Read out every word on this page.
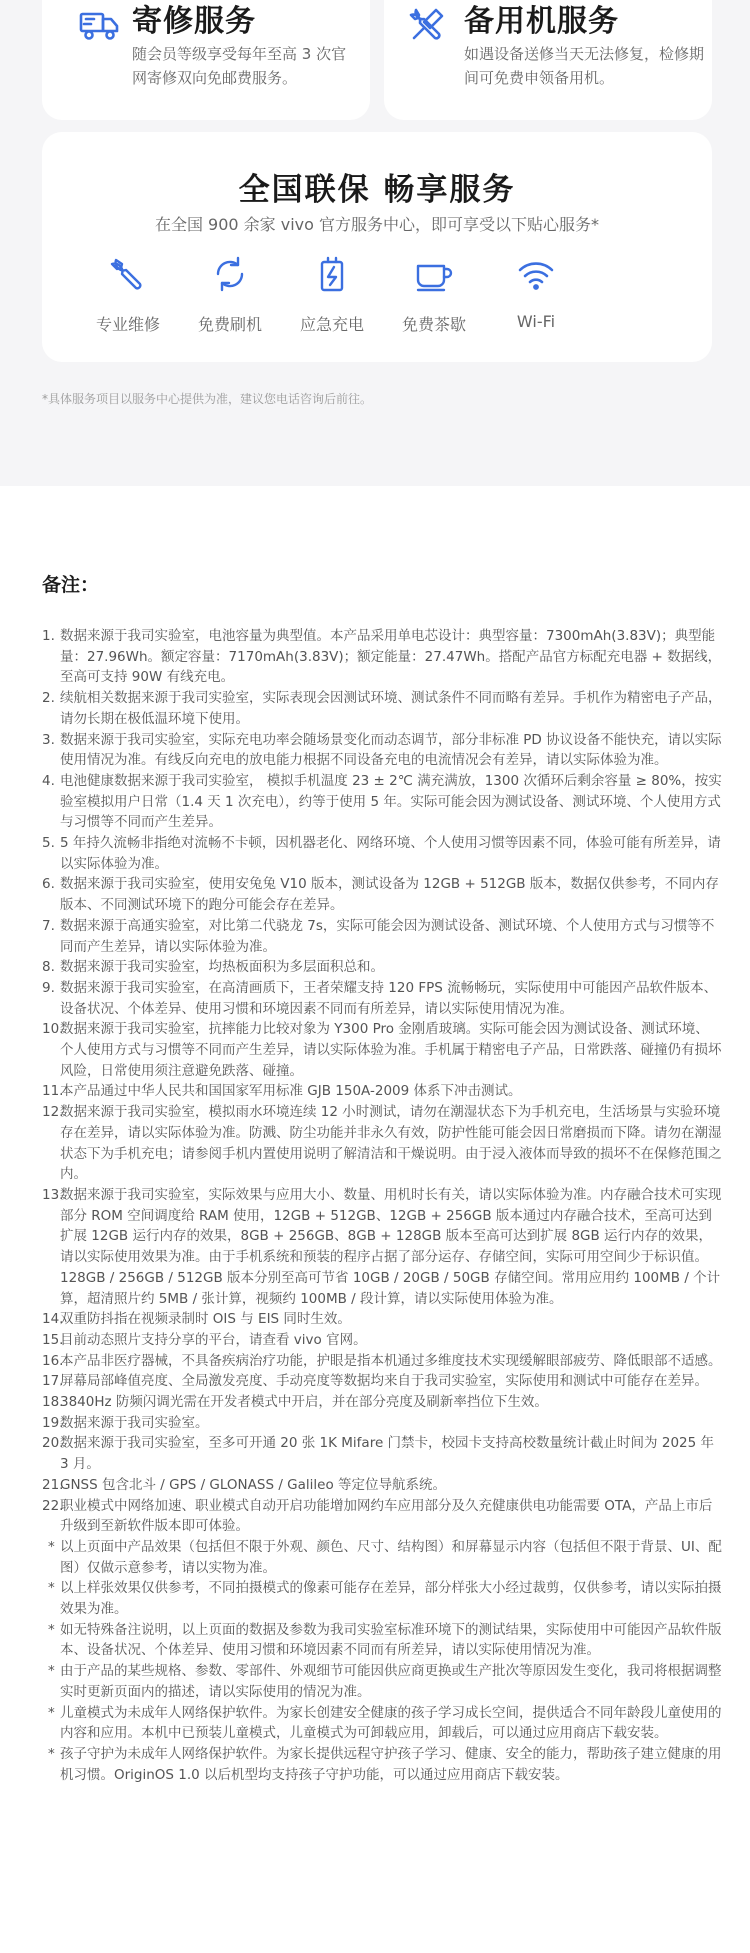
寄修服务
随会员等级享受每年至高 3 次官网寄修双向免邮费服务。
备用机服务
如遇设备送修当天无法修复，检修期间可免费申领备用机。
全国联保 畅享服务
在全国 900 余家 vivo 官方服务中心，即可享受以下贴心服务*
专业维修	免费刷机	应急充电	免费茶歇	Wi-Fi
*具体服务项目以服务中心提供为准，建议您电话咨询后前往。
备注：
1. 数据来源于我司实验室，电池容量为典型值。本产品采用单电芯设计：典型容量：7300mAh(3.83V)；典型能量：27.96Wh。额定容量：7170mAh(3.83V)；额定能量：27.47Wh。搭配产品官方标配充电器 + 数据线，至高可支持 90W 有线充电。
2. 续航相关数据来源于我司实验室，实际表现会因测试环境、测试条件不同而略有差异。手机作为精密电子产品，请勿长期在极低温环境下使用。
3. 数据来源于我司实验室，实际充电功率会随场景变化而动态调节，部分非标准 PD 协议设备不能快充，请以实际使用情况为准。有线反向充电的放电能力根据不同设备充电的电流情况会有差异，请以实际体验为准。
4. 电池健康数据来源于我司实验室， 模拟手机温度 23 ± 2℃ 满充满放，1300 次循环后剩余容量 ≥ 80%，按实验室模拟用户日常（1.4 天 1 次充电），约等于使用 5 年。实际可能会因为测试设备、测试环境、个人使用方式与习惯等不同而产生差异。
5. 5 年持久流畅非指绝对流畅不卡顿，因机器老化、网络环境、个人使用习惯等因素不同，体验可能有所差异，请以实际体验为准。
6. 数据来源于我司实验室，使用安兔兔 V10 版本，测试设备为 12GB + 512GB 版本，数据仅供参考，不同内存版本、不同测试环境下的跑分可能会存在差异。
7. 数据来源于高通实验室，对比第二代骁龙 7s，实际可能会因为测试设备、测试环境、个人使用方式与习惯等不同而产生差异，请以实际体验为准。
8. 数据来源于我司实验室，均热板面积为多层面积总和。
9. 数据来源于我司实验室，在高清画质下，王者荣耀支持 120 FPS 流畅畅玩，实际使用中可能因产品软件版本、设备状况、个体差异、使用习惯和环境因素不同而有所差异，请以实际使用情况为准。
10.
数据来源于我司实验室，抗摔能力比较对象为 Y300 Pro 金刚盾玻璃。实际可能会因为测试设备、测试环境、个人使用方式与习惯等不同而产生差异，请以实际体验为准。手机属于精密电子产品，日常跌落、碰撞仍有损坏风险，日常使用须注意避免跌落、碰撞。
11.
本产品通过中华人民共和国国家军用标准 GJB 150A-2009 体系下冲击测试。
12.
数据来源于我司实验室，模拟雨水环境连续 12 小时测试，请勿在潮湿状态下为手机充电，生活场景与实验环境存在差异，请以实际体验为准。防溅、防尘功能并非永久有效，防护性能可能会因日常磨损而下降。请勿在潮湿状态下为手机充电；请参阅手机内置使用说明了解清洁和干燥说明。由于浸入液体而导致的损坏不在保修范围之内。
13.
数据来源于我司实验室，实际效果与应用大小、数量、用机时长有关，请以实际体验为准。内存融合技术可实现部分 ROM 空间调度给 RAM 使用，12GB + 512GB、12GB + 256GB 版本通过内存融合技术，至高可达到扩展 12GB 运行内存的效果，8GB + 256GB、8GB + 128GB 版本至高可达到扩展 8GB 运行内存的效果，请以实际使用效果为准。由于手机系统和预装的程序占据了部分运存、存储空间，实际可用空间少于标识值。128GB / 256GB / 512GB 版本分别至高可节省 10GB / 20GB / 50GB 存储空间。常用应用约 100MB / 个计算，超清照片约 5MB / 张计算，视频约 100MB / 段计算，请以实际使用体验为准。
14.
双重防抖指在视频录制时 OIS 与 EIS 同时生效。
15.
目前动态照片支持分享的平台，请查看 vivo 官网。
16.
本产品非医疗器械，不具备疾病治疗功能，护眼是指本机通过多维度技术实现缓解眼部疲劳、降低眼部不适感。
17.
屏幕局部峰值亮度、全局激发亮度、手动亮度等数据均来自于我司实验室，实际使用和测试中可能存在差异。
18.
3840Hz 防频闪调光需在开发者模式中开启，并在部分亮度及刷新率挡位下生效。
19.
数据来源于我司实验室。
20.
数据来源于我司实验室，至多可开通 20 张 1K Mifare 门禁卡，校园卡支持高校数量统计截止时间为 2025 年 3 月。
21.
GNSS 包含北斗 / GPS / GLONASS / Galileo 等定位导航系统。
22.
职业模式中网络加速、职业模式自动开启功能增加网约车应用部分及久充健康供电功能需要 OTA，产品上市后升级到至新软件版本即可体验。
* 以上页面中产品效果（包括但不限于外观、颜色、尺寸、结构图）和屏幕显示内容（包括但不限于背景、UI、配图）仅做示意参考，请以实物为准。
* 以上样张效果仅供参考，不同拍摄模式的像素可能存在差异，部分样张大小经过裁剪，仅供参考，请以实际拍摄效果为准。
* 如无特殊备注说明，以上页面的数据及参数为我司实验室标准环境下的测试结果，实际使用中可能因产品软件版本、设备状况、个体差异、使用习惯和环境因素不同而有所差异，请以实际使用情况为准。
* 由于产品的某些规格、参数、零部件、外观细节可能因供应商更换或生产批次等原因发生变化，我司将根据调整实时更新页面内的描述，请以实际使用的情况为准。
* 儿童模式为未成年人网络保护软件。为家长创建安全健康的孩子学习成长空间，提供适合不同年龄段儿童使用的内容和应用。本机中已预装儿童模式，儿童模式为可卸载应用，卸载后，可以通过应用商店下载安装。
* 孩子守护为未成年人网络保护软件。为家长提供远程守护孩子学习、健康、安全的能力，帮助孩子建立健康的用机习惯。OriginOS 1.0 以后机型均支持孩子守护功能，可以通过应用商店下载安装。
